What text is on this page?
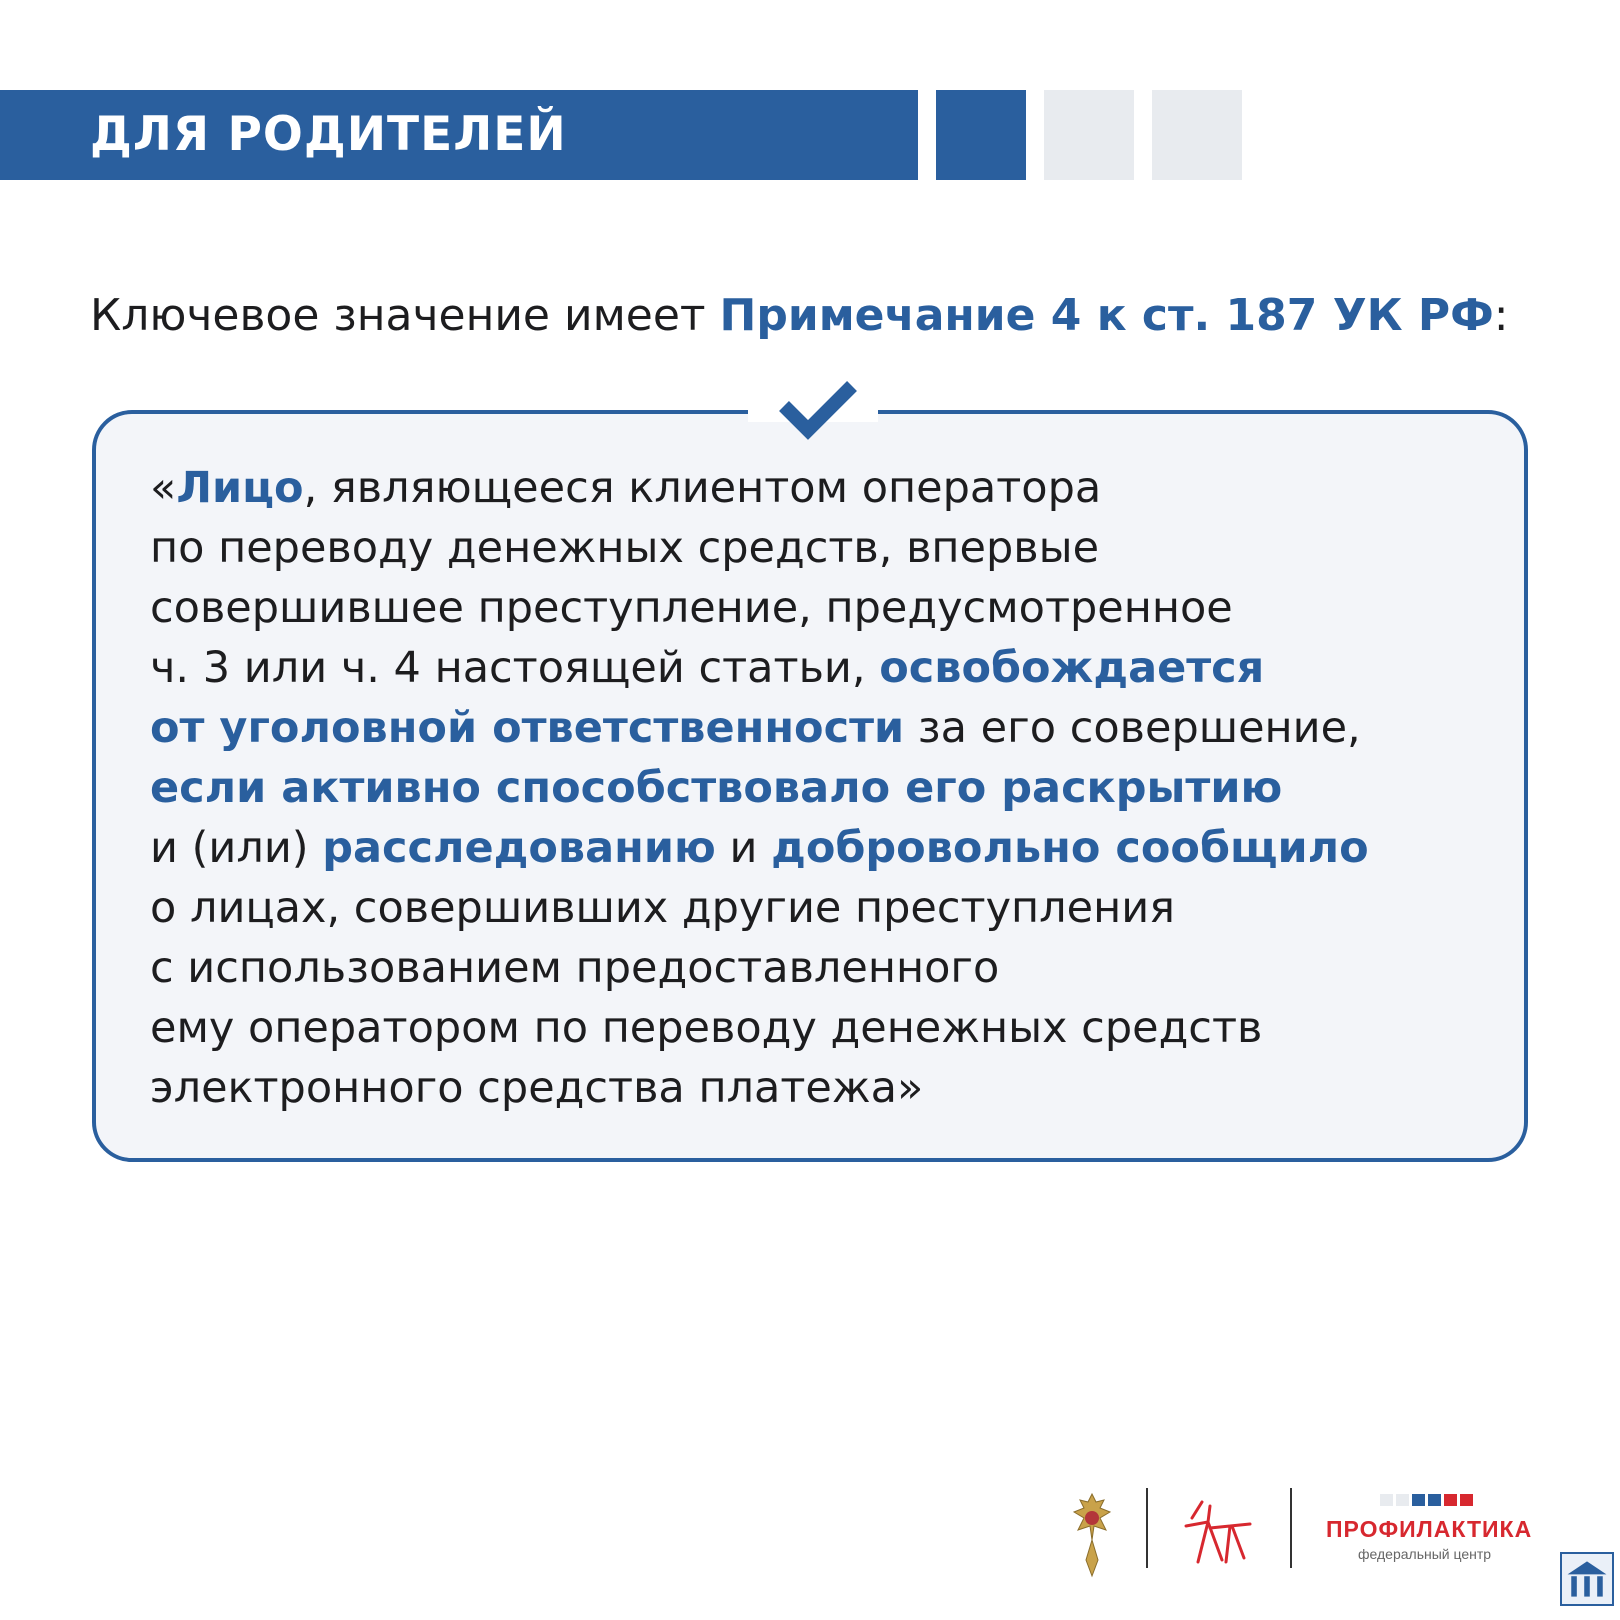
ДЛЯ РОДИТЕЛЕЙ
Ключевое значение имеет Примечание 4 к ст. 187 УК РФ:
«Лицо, являющееся клиентом оператора
по переводу денежных средств, впервые
совершившее преступление, предусмотренное
ч. 3 или ч. 4 настоящей статьи, освобождается
от уголовной ответственности за его совершение,
если активно способствовало его раскрытию
и (или) расследованию и добровольно сообщило
о лицах, совершивших другие преступления
с использованием предоставленного
ему оператором по переводу денежных средств
электронного средства платежа»
ПРОФИЛАКТИКА
федеральный центр
